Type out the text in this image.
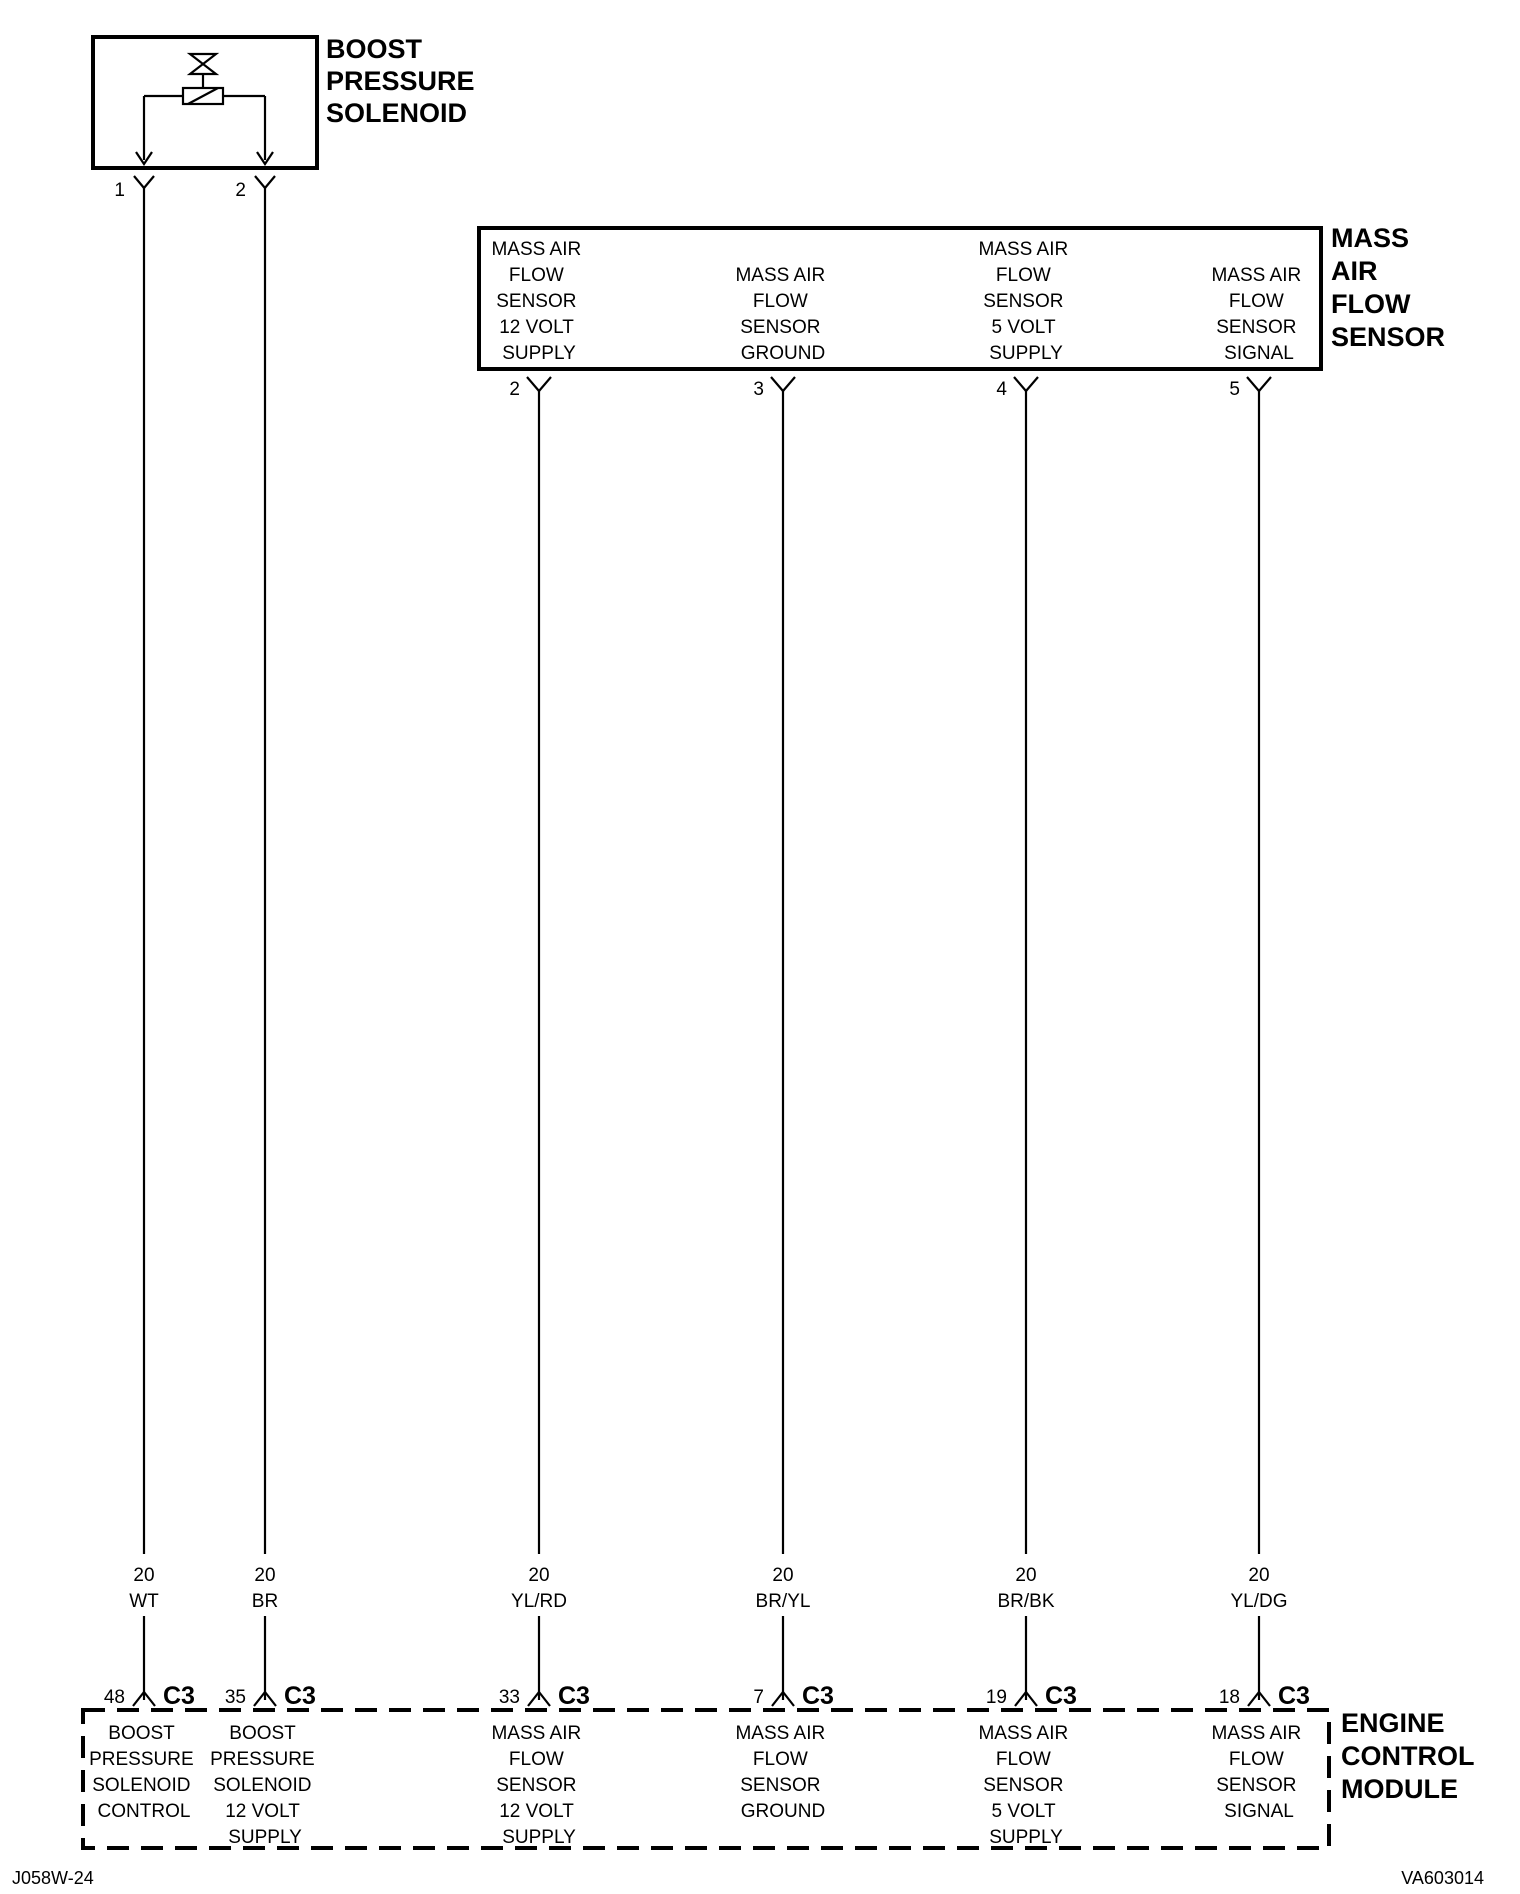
BOOST
PRESSURE
SOLENOID
1	2
MASS
AIR
FLOW
SENSOR
MASS AIR FLOW SENSOR 12 VOLT SUPPLY
MASS AIR FLOW SENSOR GROUND
MASS AIR FLOW SENSOR 5 VOLT SUPPLY
MASS AIR FLOW SENSOR SIGNAL
2	3	4	5
20
WT
20
BR
20
YL/RD
20
BR/YL
20
BR/BK
20
YL/DG
48	35	33	7	19	18
C3	C3	C3	C3	C3	C3
ENGINE
CONTROL
MODULE
BOOST PRESSURE SOLENOID CONTROL
BOOST PRESSURE SOLENOID 12 VOLT SUPPLY
MASS AIR FLOW SENSOR 12 VOLT SUPPLY
MASS AIR FLOW SENSOR GROUND
MASS AIR FLOW SENSOR 5 VOLT SUPPLY
MASS AIR FLOW SENSOR SIGNAL
J058W-24	VA603014
